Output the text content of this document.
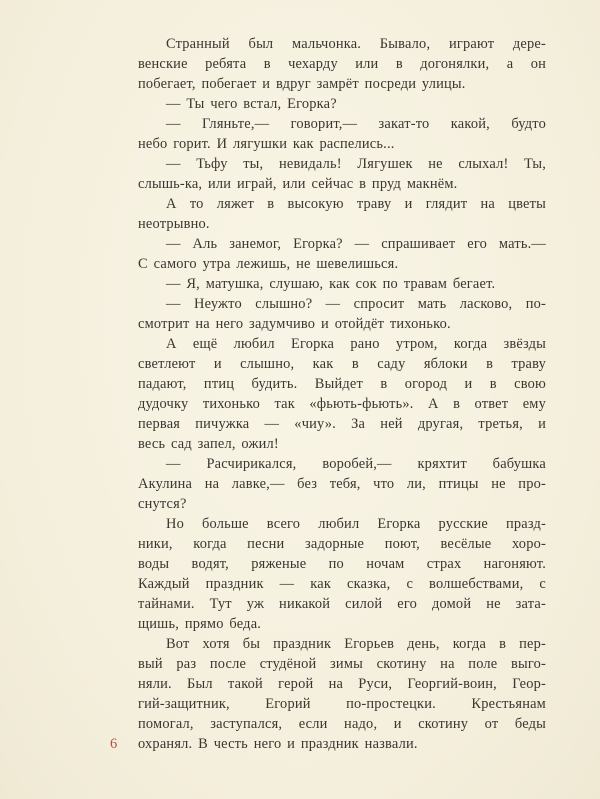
Странный был мальчонка. Бывало, играют дере-
венские ребята в чехарду или в догонялки, а он
побегает, побегает и вдруг замрёт посреди улицы.
— Ты чего встал, Егорка?
— Гляньте,— говорит,— закат-то какой, будто
небо горит. И лягушки как распелись...
— Тьфу ты, невидаль! Лягушек не слыхал! Ты,
слышь-ка, или играй, или сейчас в пруд макнём.
А то ляжет в высокую траву и глядит на цветы
неотрывно.
— Аль занемог, Егорка? — спрашивает его мать.—
С самого утра лежишь, не шевелишься.
— Я, матушка, слушаю, как сок по травам бегает.
— Неужто слышно? — спросит мать ласково, по-
смотрит на него задумчиво и отойдёт тихонько.
А ещё любил Егорка рано утром, когда звёзды
светлеют и слышно, как в саду яблоки в траву
падают, птиц будить. Выйдет в огород и в свою
дудочку тихонько так «фьють-фьють». А в ответ ему
первая пичужка — «чиу». За ней другая, третья, и
весь сад запел, ожил!
— Расчирикался, воробей,— кряхтит бабушка
Акулина на лавке,— без тебя, что ли, птицы не про-
снутся?
Но больше всего любил Егорка русские празд-
ники, когда песни задорные поют, весёлые хоро-
воды водят, ряженые по ночам страх нагоняют.
Каждый праздник — как сказка, с волшебствами, с
тайнами. Тут уж никакой силой его домой не зата-
щишь, прямо беда.
Вот хотя бы праздник Егорьев день, когда в пер-
вый раз после студёной зимы скотину на поле выго-
няли. Был такой герой на Руси, Георгий-воин, Геор-
гий-защитник, Егорий по-простецки. Крестьянам
помогал, заступался, если надо, и скотину от беды
охранял. В честь него и праздник назвали.
6
